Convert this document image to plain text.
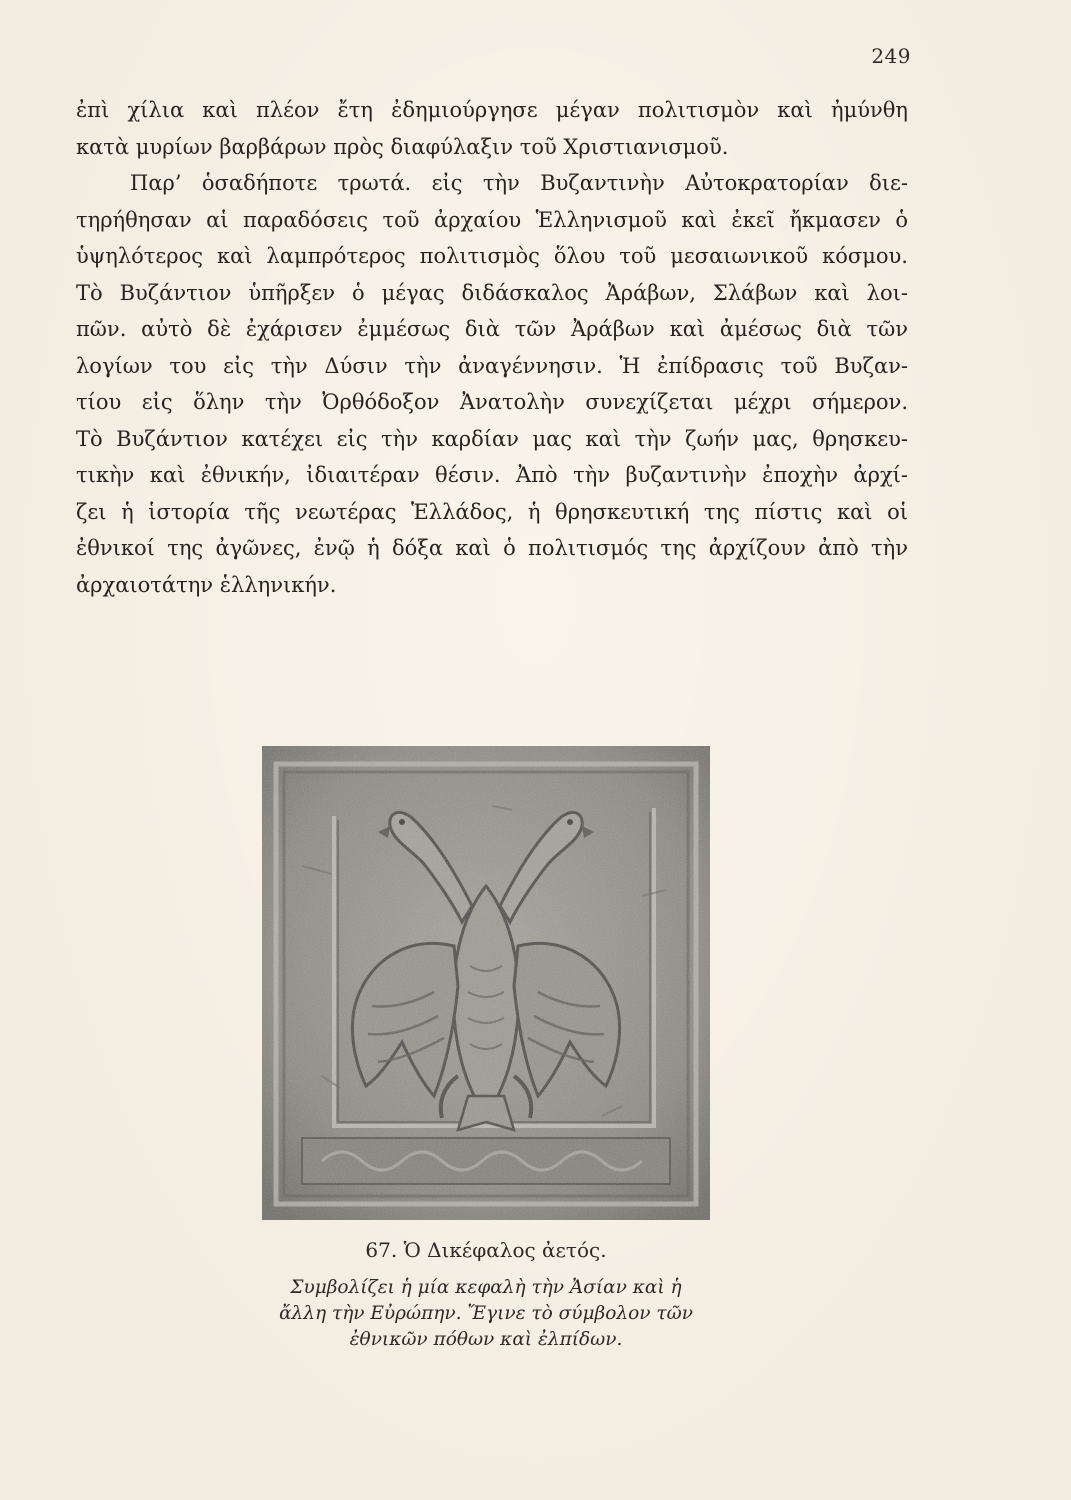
249
ἐπὶ χίλια καὶ πλέον ἔτη ἐδημιούργησε μέγαν πολιτισμὸν καὶ ἠμύνθη
κατὰ μυρίων βαρβάρων πρὸς διαφύλαξιν τοῦ Χριστιανισμοῦ.
Παρ’ ὁσαδήποτε τρωτά. εἰς τὴν Βυζαντινὴν Αὐτοκρατορίαν διε-
τηρήθησαν αἱ παραδόσεις τοῦ ἀρχαίου Ἑλληνισμοῦ καὶ ἐκεῖ ἤκμασεν ὁ
ὑψηλότερος καὶ λαμπρότερος πολιτισμὸς ὅλου τοῦ μεσαιωνικοῦ κόσμου.
Τὸ Βυζάντιον ὑπῆρξεν ὁ μέγας διδάσκαλος Ἀράβων, Σλάβων καὶ λοι-
πῶν. αὐτὸ δὲ ἐχάρισεν ἐμμέσως διὰ τῶν Ἀράβων καὶ ἀμέσως διὰ τῶν
λογίων του εἰς τὴν Δύσιν τὴν ἀναγέννησιν. Ἡ ἐπίδρασις τοῦ Βυζαν-
τίου εἰς ὅλην τὴν Ὀρθόδοξον Ἀνατολὴν συνεχίζεται μέχρι σήμερον.
Τὸ Βυζάντιον κατέχει εἰς τὴν καρδίαν μας καὶ τὴν ζωήν μας, θρησκευ-
τικὴν καὶ ἐθνικήν, ἰδιαιτέραν θέσιν. Ἀπὸ τὴν βυζαντινὴν ἐποχὴν ἀρχί-
ζει ἡ ἱστορία τῆς νεωτέρας Ἑλλάδος, ἡ θρησκευτική της πίστις καὶ οἱ
ἐθνικοί της ἀγῶνες, ἐνῷ ἡ δόξα καὶ ὁ πολιτισμός της ἀρχίζουν ἀπὸ τὴν
ἀρχαιοτάτην ἑλληνικήν.
67. Ὁ Δικέφαλος ἀετός.
Συμβολίζει ἡ μία κεφαλὴ τὴν Ἀσίαν καὶ ἡ
ἄλλη τὴν Εὐρώπην. Ἔγινε τὸ σύμβολον τῶν
ἐθνικῶν πόθων καὶ ἐλπίδων.
